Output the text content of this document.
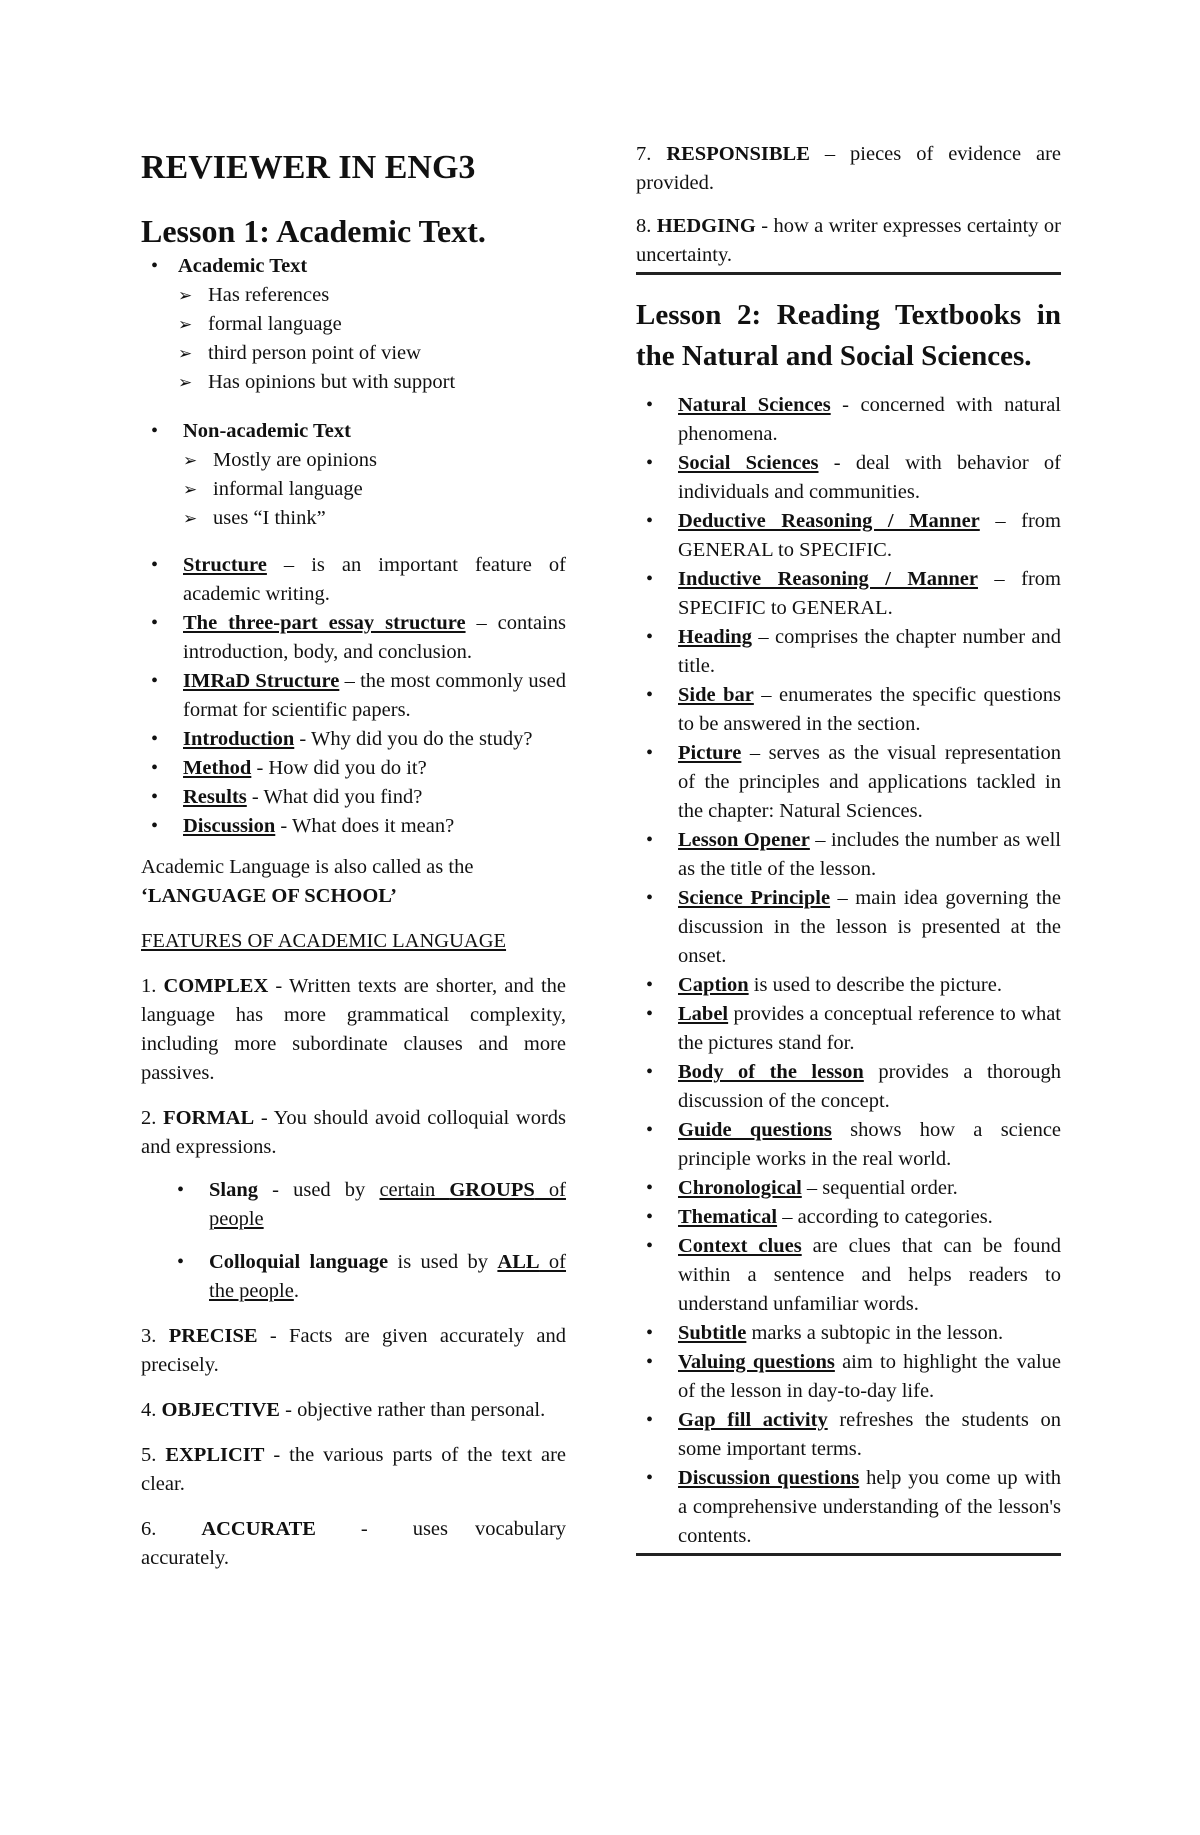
REVIEWER IN ENG3
Lesson 1: Academic Text.
• Academic Text
➢ Has references
➢ formal language
➢ third person point of view
➢ Has opinions but with support
• Non-academic Text
➢ Mostly are opinions
➢ informal language
➢ uses “I think”
• Structure – is an important feature of academic writing.
• The three-part essay structure – contains introduction, body, and conclusion.
• IMRaD Structure – the most commonly used format for scientific papers.
• Introduction - Why did you do the study?
• Method - How did you do it?
• Results - What did you find?
• Discussion - What does it mean?

Academic Language is also called as the
‘LANGUAGE OF SCHOOL’

FEATURES OF ACADEMIC LANGUAGE

1. COMPLEX - Written texts are shorter, and the language has more grammatical complexity, including more subordinate clauses and more passives.

2. FORMAL - You should avoid colloquial words and expressions.

• Slang - used by certain GROUPS of people
• Colloquial language is used by ALL of the people.

3. PRECISE - Facts are given accurately and precisely.

4. OBJECTIVE - objective rather than personal.

5. EXPLICIT - the various parts of the text are clear.

6. ACCURATE - uses vocabulary accurately.

7. RESPONSIBLE – pieces of evidence are provided.

8. HEDGING - how a writer expresses certainty or uncertainty.

Lesson 2: Reading Textbooks in the Natural and Social Sciences.
• Natural Sciences - concerned with natural phenomena.
• Social Sciences - deal with behavior of individuals and communities.
• Deductive Reasoning / Manner – from GENERAL to SPECIFIC.
• Inductive Reasoning / Manner – from SPECIFIC to GENERAL.
• Heading – comprises the chapter number and title.
• Side bar – enumerates the specific questions to be answered in the section.
• Picture – serves as the visual representation of the principles and applications tackled in the chapter: Natural Sciences.
• Lesson Opener – includes the number as well as the title of the lesson.
• Science Principle – main idea governing the discussion in the lesson is presented at the onset.
• Caption is used to describe the picture.
• Label provides a conceptual reference to what the pictures stand for.
• Body of the lesson provides a thorough discussion of the concept.
• Guide questions shows how a science principle works in the real world.
• Chronological – sequential order.
• Thematical – according to categories.
• Context clues are clues that can be found within a sentence and helps readers to understand unfamiliar words.
• Subtitle marks a subtopic in the lesson.
• Valuing questions aim to highlight the value of the lesson in day-to-day life.
• Gap fill activity refreshes the students on some important terms.
• Discussion questions help you come up with a comprehensive understanding of the lesson's contents.
